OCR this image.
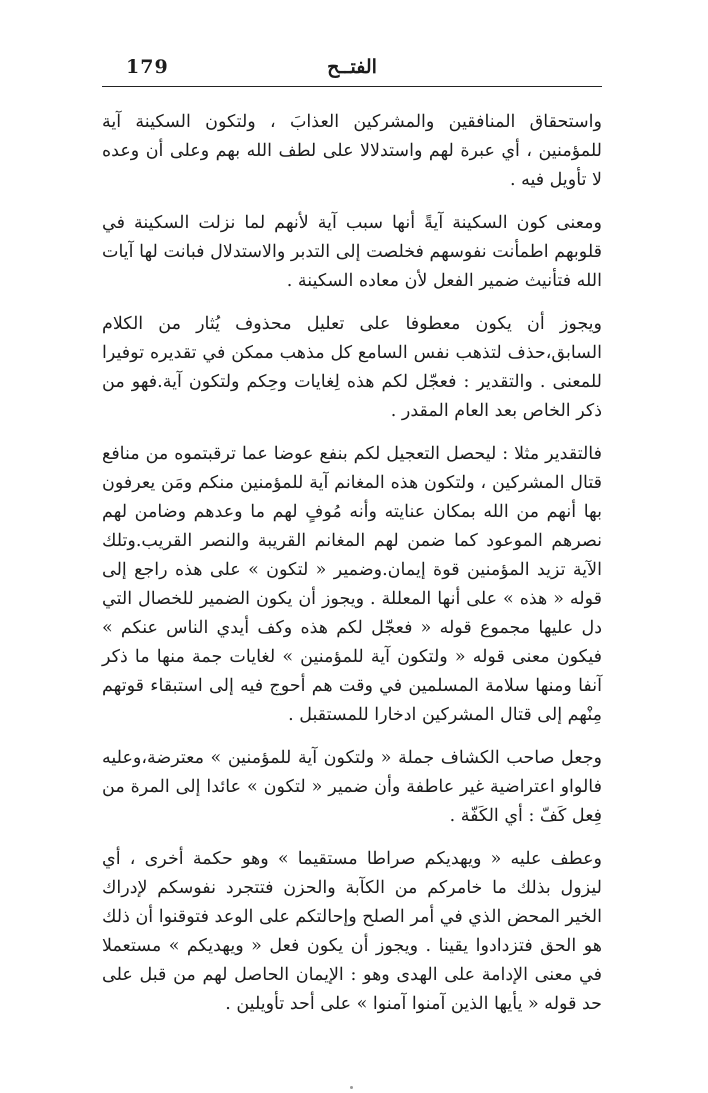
179	الفتــح

واستحقاق المنافقين والمشركين العذابَ ، ولتكون السكينة آية للمؤمنين ، أي عبرة لهم واستدلالا على لطف الله بهم وعلى أن وعده لا تأويل فيه .

ومعنى كون السكينة آيةً أنها سبب آية لأنهم لما نزلت السكينة في قلوبهم اطمأنت نفوسهم فخلصت إلى التدبر والاستدلال فبانت لها آيات الله فتأنيث ضمير الفعل لأن معاده السكينة .

ويجوز أن يكون معطوفا على تعليل محذوف يُثار من الكلام السابق،حذف لتذهب نفس السامع كل مذهب ممكن في تقديره توفيرا للمعنى . والتقدير : فعجّل لكم هذه لِغايات وحِكم ولتكون آية.فهو من ذكر الخاص بعد العام المقدر .

فالتقدير مثلا : ليحصل التعجيل لكم بنفع عوضا عما ترقبتموه من منافع قتال المشركين ، ولتكون هذه المغانم آية للمؤمنين منكم ومَن يعرفون بها أنهم من الله بمكان عنايته وأنه مُوفٍ لهم ما وعدهم وضامن لهم نصرهم الموعود كما ضمن لهم المغانم القريبة والنصر القريب.وتلك الآية تزيد المؤمنين قوة إيمان.وضمير « لتكون » على هذه راجع إلى قوله « هذه » على أنها المعللة . ويجوز أن يكون الضمير للخصال التي دل عليها مجموع قوله « فعجّل لكم هذه وكف أيدي الناس عنكم » فيكون معنى قوله « ولتكون آية للمؤمنين » لغايات جمة منها ما ذكر آنفا ومنها سلامة المسلمين في وقت هم أحوج فيه إلى استبقاء قوتهم مِنْهم إلى قتال المشركين ادخارا للمستقبل .

وجعل صاحب الكشاف جملة « ولتكون آية للمؤمنين » معترضة،وعليه فالواو اعتراضية غير عاطفة وأن ضمير « لتكون » عائدا إلى المرة من فِعل كَفّ : أي الكَفّة .

وعطف عليه « ويهديكم صراطا مستقيما » وهو حكمة أخرى ، أي ليزول بذلك ما خامركم من الكآبة والحزن فتتجرد نفوسكم لإدراك الخير المحض الذي في أمر الصلح وإحالتكم على الوعد فتوقنوا أن ذلك هو الحق فتزدادوا يقينا . ويجوز أن يكون فعل « ويهديكم » مستعملا في معنى الإدامة على الهدى وهو : الإيمان الحاصل لهم من قبل على حد قوله « يأيها الذين آمنوا آمنوا » على أحد تأويلين .
